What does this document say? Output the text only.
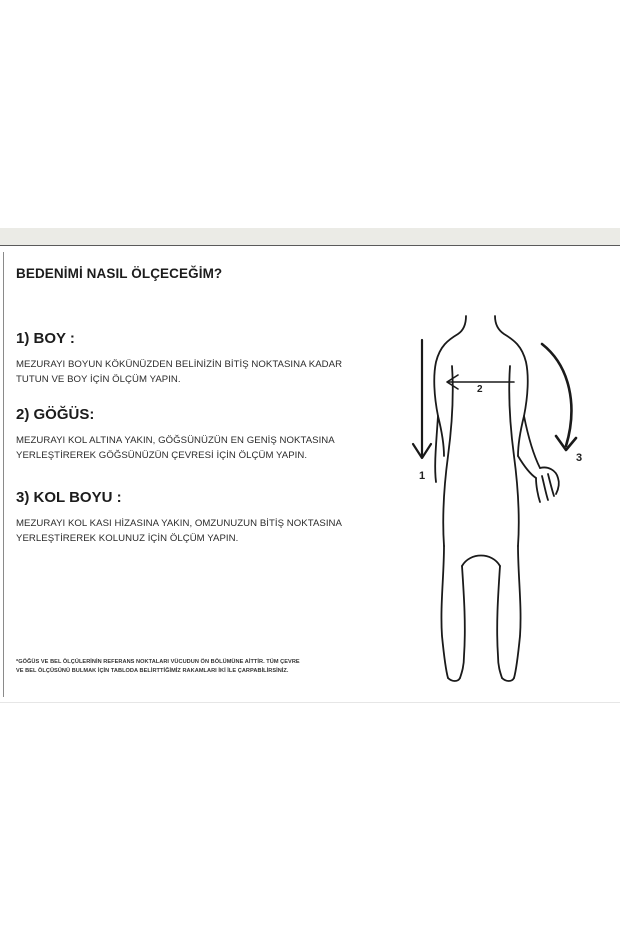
BEDENİMİ NASIL ÖLÇECEĞİM?
1) BOY :
MEZURAYI BOYUN KÖKÜNÜZDEN BELİNİZİN BİTİŞ NOKTASINA KADAR
TUTUN VE BOY İÇİN ÖLÇÜM YAPIN.
2) GÖĞÜS:
MEZURAYI KOL ALTINA YAKIN, GÖĞSÜNÜZÜN EN GENİŞ NOKTASINA
YERLEŞTİREREK GÖĞSÜNÜZÜN ÇEVRESİ İÇİN ÖLÇÜM YAPIN.
3) KOL BOYU :
MEZURAYI KOL KASI HİZASINA YAKIN, OMZUNUZUN BİTİŞ NOKTASINA
YERLEŞTİREREK KOLUNUZ İÇİN ÖLÇÜM YAPIN.
*GÖĞÜS VE BEL ÖLÇÜLERİNİN REFERANS NOKTALARI VÜCUDUN ÖN BÖLÜMÜNE AİTTİR. TÜM ÇEVRE
VE BEL ÖLÇÜSÜNÜ BULMAK İÇİN TABLODA BELİRTTİĞİMİZ RAKAMLARI İKİ İLE ÇARPABİLİRSİNİZ.
1
2
3
